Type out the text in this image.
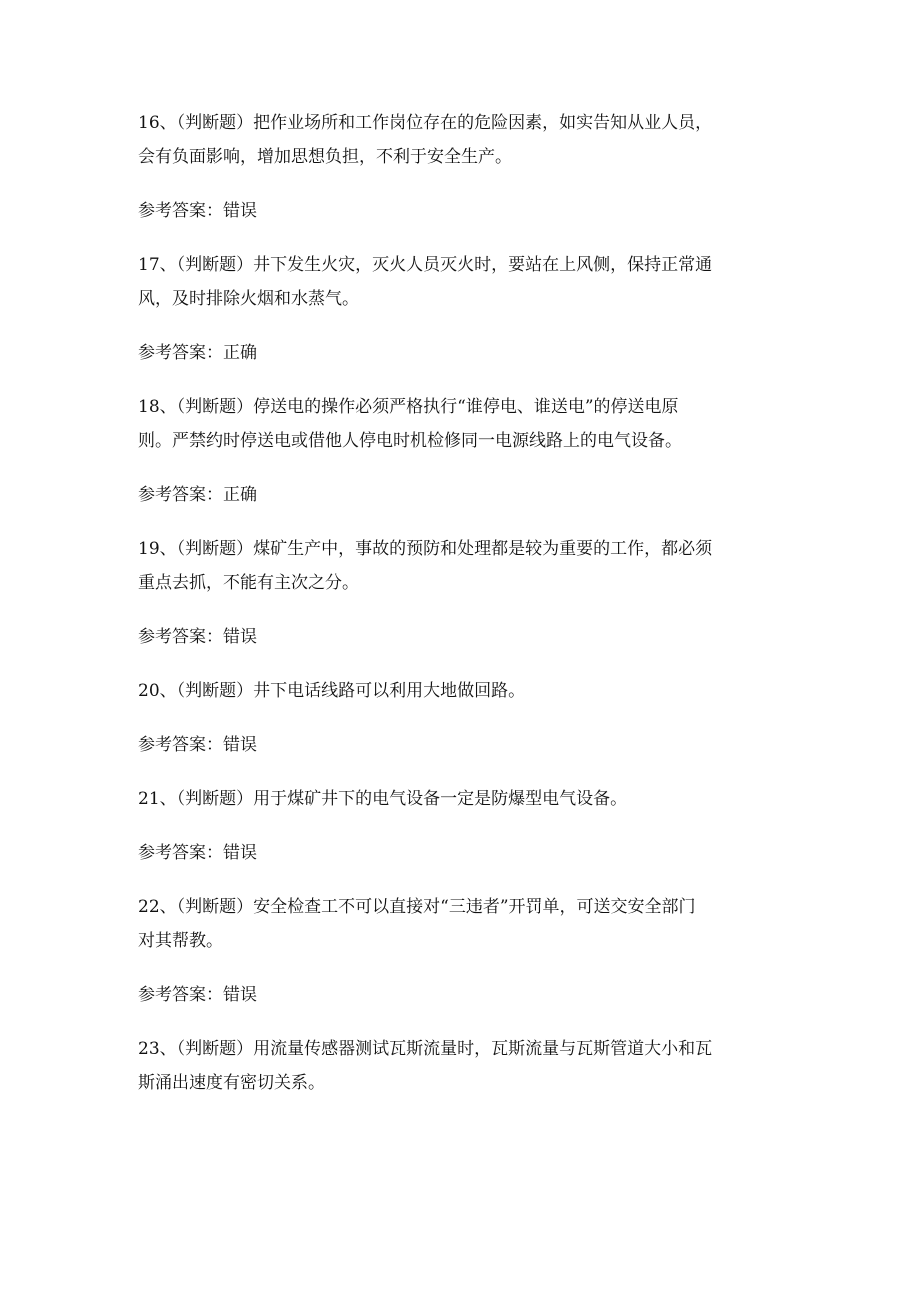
16、（判断题）把作业场所和工作岗位存在的危险因素，如实告知从业人员，
会有负面影响，增加思想负担，不利于安全生产。
参考答案：错误
17、（判断题）井下发生火灾，灭火人员灭火时，要站在上风侧，保持正常通
风，及时排除火烟和水蒸气。
参考答案：正确
18、（判断题）停送电的操作必须严格执行“谁停电、谁送电”的停送电原
则。严禁约时停送电或借他人停电时机检修同一电源线路上的电气设备。
参考答案：正确
19、（判断题）煤矿生产中，事故的预防和处理都是较为重要的工作，都必须
重点去抓，不能有主次之分。
参考答案：错误
20、（判断题）井下电话线路可以利用大地做回路。
参考答案：错误
21、（判断题）用于煤矿井下的电气设备一定是防爆型电气设备。
参考答案：错误
22、（判断题）安全检查工不可以直接对“三违者”开罚单，可送交安全部门
对其帮教。
参考答案：错误
23、（判断题）用流量传感器测试瓦斯流量时，瓦斯流量与瓦斯管道大小和瓦
斯涌出速度有密切关系。
